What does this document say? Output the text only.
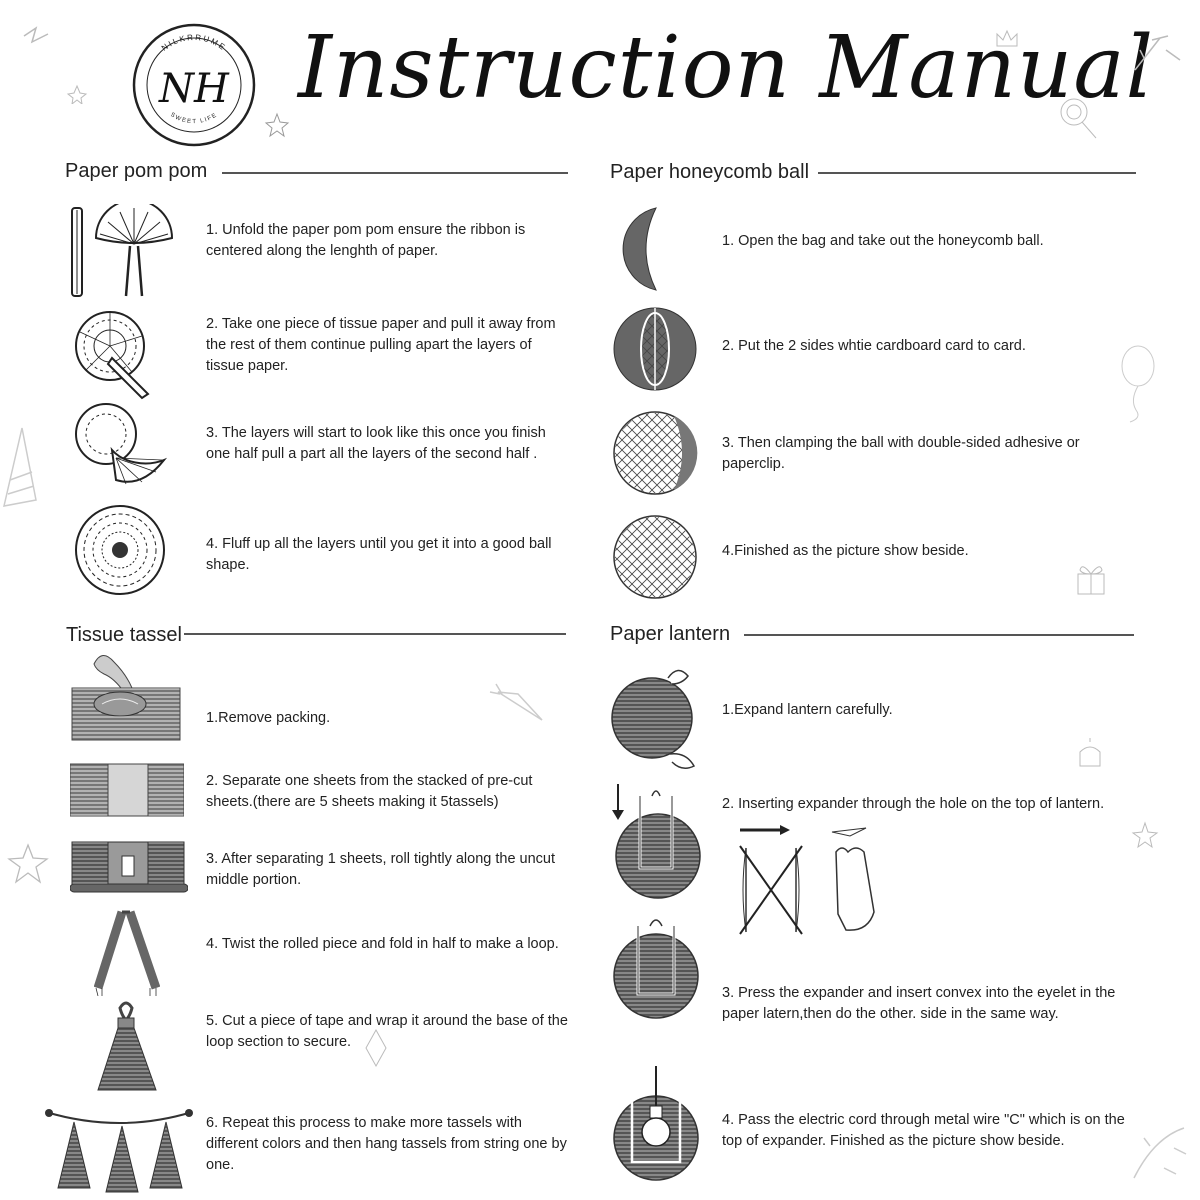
NILKRRUME
SWEET LIFE
NH Instruction Manual
Paper pom pom	Paper honeycomb ball
Tissue tassel	Paper lantern
1. Unfold the paper pom pom ensure the ribbon is centered along the lenghth of paper.
2. Take one piece of tissue paper and pull it away from the rest of them continue pulling apart the layers of tissue paper.
3. The layers will start to look like this once you finish one half pull a part all the layers of the second half .
4. Fluff up all the layers until you get it into a good ball shape.
1. Open the bag and take out the honeycomb ball.
2. Put the 2 sides whtie cardboard card to card.
3. Then clamping the ball with double-sided adhesive or paperclip.
4.Finished as the picture show beside.
1.Remove packing.
2. Separate one sheets from the stacked of pre-cut sheets.(there are 5 sheets making it 5tassels)
3. After separating 1 sheets, roll tightly along the uncut middle portion.
4. Twist the rolled piece and fold in half to make a loop.
5. Cut a piece of tape and wrap it around the base of the loop section to secure.
6. Repeat this process to make more tassels with different colors and then hang tassels from string one by one.
1.Expand lantern carefully.
2. Inserting expander through the hole on the top of lantern.
3. Press the expander and insert convex into the eyelet in the paper latern,then do the other. side in the same way.
4. Pass the electric cord through metal wire "C" which is on the top of expander. Finished as the picture show beside.
